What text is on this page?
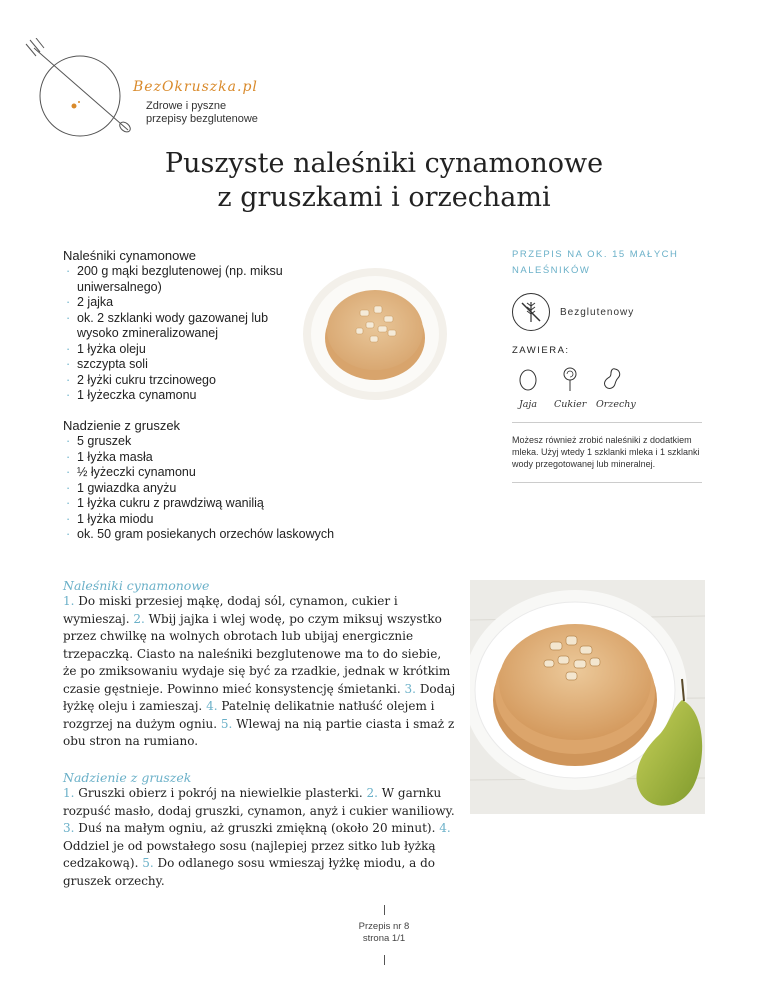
BezOkruszka.pl
Zdrowe i pyszne
przepisy bezglutenowe
Puszyste naleśniki cynamonowe
z gruszkami i orzechami
Naleśniki cynamonowe
· 200 g mąki bezglutenowej (np. miksu uniwersalnego)
· 2 jajka
· ok. 2 szklanki wody gazowanej lub wysoko zmineralizowanej
· 1 łyżka oleju
· szczypta soli
· 2 łyżki cukru trzcinowego
· 1 łyżeczka cynamonu
Nadzienie z gruszek
· 5 gruszek
· 1 łyżka masła
· ½ łyżeczki cynamonu
· 1 gwiazdka anyżu
· 1 łyżka cukru z prawdziwą wanilią
· 1 łyżka miodu
· ok. 50 gram posiekanych orzechów laskowych
PRZEPIS NA OK. 15 MAŁYCH
NALEŚNIKÓW
Bezglutenowy
ZAWIERA:
Jaja	Cukier Orzechy
Możesz również zrobić naleśniki z dodatkiem mleka. Użyj wtedy 1 szklanki mleka i 1 szklanki wody przegotowanej lub mineralnej.
Naleśniki cynamonowe
1. Do miski przesiej mąkę, dodaj sól, cynamon, cukier i wymieszaj. 2. Wbij jajka i wlej wodę, po czym miksuj wszystko przez chwilkę na wolnych obrotach lub ubijaj energicznie trzepaczką. Ciasto na naleśniki bezglutenowe ma to do siebie, że po zmiksowaniu wydaje się być za rzadkie, jednak w krótkim czasie gęstnieje. Powinno mieć konsystencję śmietanki. 3. Dodaj łyżkę oleju i zamieszaj. 4. Patelnię delikatnie natłuść olejem i rozgrzej na dużym ogniu. 5. Wlewaj na nią partie ciasta i smaż z obu stron na rumiano.
Nadzienie z gruszek
1. Gruszki obierz i pokrój na niewielkie plasterki. 2. W garnku rozpuść masło, dodaj gruszki, cynamon, anyż i cukier waniliowy. 3. Duś na małym ogniu, aż gruszki zmiękną (około 20 minut). 4. Oddziel je od powstałego sosu (najlepiej przez sitko lub łyżką cedzakową). 5. Do odlanego sosu wmieszaj łyżkę miodu, a do gruszek orzechy.
Przepis nr 8
strona 1/1
